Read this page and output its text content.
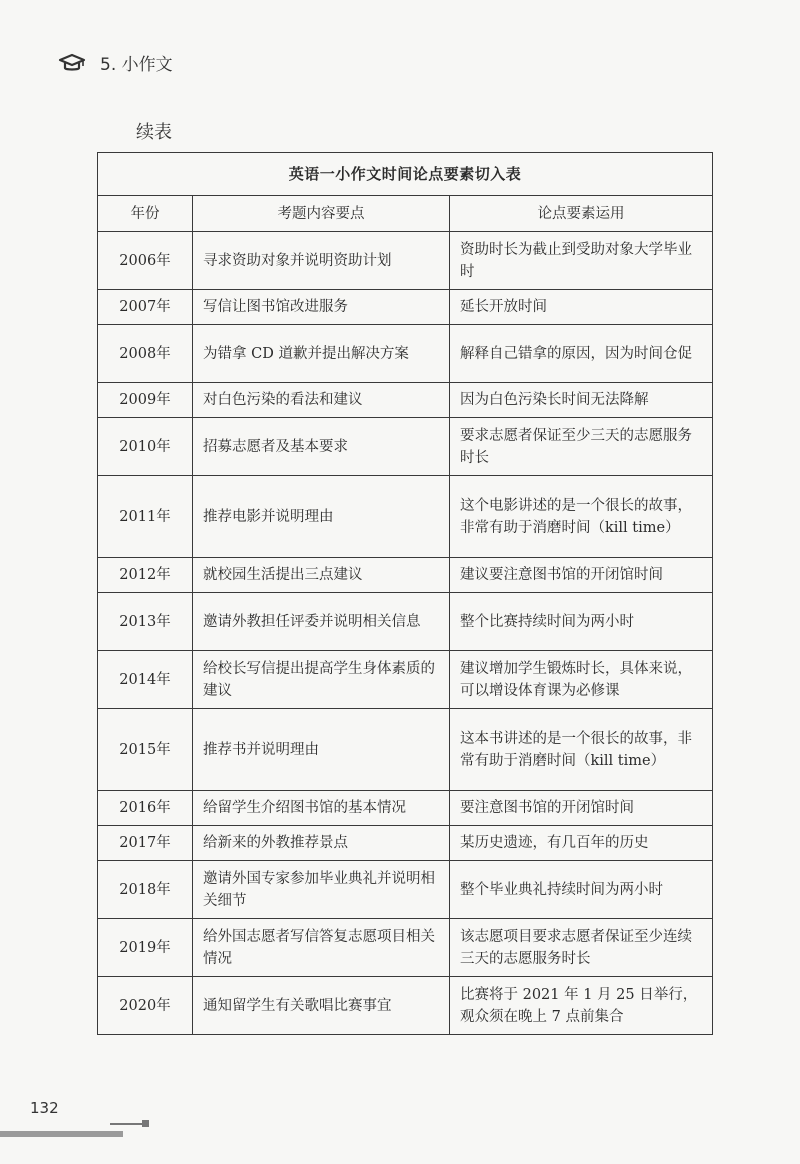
5. 小作文
续表
英语一小作文时间论点要素切入表		
年份	考题内容要点	论点要素运用
2006年	寻求资助对象并说明资助计划	资助时长为截止到受助对象大学毕业时
2007年	写信让图书馆改进服务	延长开放时间
2008年	为错拿 CD 道歉并提出解决方案	解释自己错拿的原因，因为时间仓促
2009年	对白色污染的看法和建议	因为白色污染长时间无法降解
2010年	招募志愿者及基本要求	要求志愿者保证至少三天的志愿服务时长
2011年	推荐电影并说明理由	这个电影讲述的是一个很长的故事，非常有助于消磨时间（kill time）
2012年	就校园生活提出三点建议	建议要注意图书馆的开闭馆时间
2013年	邀请外教担任评委并说明相关信息	整个比赛持续时间为两小时
2014年	给校长写信提出提高学生身体素质的建议	建议增加学生锻炼时长，具体来说，可以增设体育课为必修课
2015年	推荐书并说明理由	这本书讲述的是一个很长的故事，非常有助于消磨时间（kill time）
2016年	给留学生介绍图书馆的基本情况	要注意图书馆的开闭馆时间
2017年	给新来的外教推荐景点	某历史遗迹，有几百年的历史
2018年	邀请外国专家参加毕业典礼并说明相关细节	整个毕业典礼持续时间为两小时
2019年	给外国志愿者写信答复志愿项目相关情况	该志愿项目要求志愿者保证至少连续三天的志愿服务时长
2020年	通知留学生有关歌唱比赛事宜	比赛将于 2021 年 1 月 25 日举行，观众须在晚上 7 点前集合
132
